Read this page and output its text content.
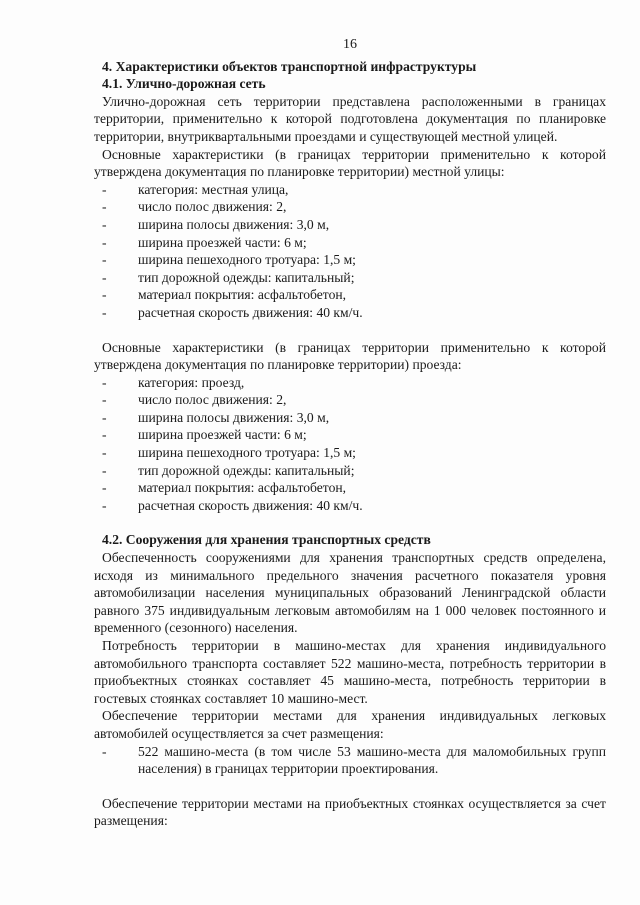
16
4. Характеристики объектов транспортной инфраструктуры
4.1. Улично-дорожная сеть

Улично-дорожная сеть территории представлена расположенными в границах территории, применительно к которой подготовлена документация по планировке территории, внутриквартальными проездами и существующей местной улицей.

Основные характеристики (в границах территории применительно к которой утверждена документация по планировке территории) местной улицы:

- категория: местная улица,
- число полос движения: 2,
- ширина полосы движения: 3,0 м,
- ширина проезжей части: 6 м;
- ширина пешеходного тротуара: 1,5 м;
- тип дорожной одежды: капитальный;
- материал покрытия: асфальтобетон,
- расчетная скорость движения: 40 км/ч.

Основные характеристики (в границах территории применительно к которой утверждена документация по планировке территории) проезда:

- категория: проезд,
- число полос движения: 2,
- ширина полосы движения: 3,0 м,
- ширина проезжей части: 6 м;
- ширина пешеходного тротуара: 1,5 м;
- тип дорожной одежды: капитальный;
- материал покрытия: асфальтобетон,
- расчетная скорость движения: 40 км/ч.
4.2. Сооружения для хранения транспортных средств

Обеспеченность сооружениями для хранения транспортных средств определена, исходя из минимального предельного значения расчетного показателя уровня автомобилизации населения муниципальных образований Ленинградской области равного 375 индивидуальным легковым автомобилям на 1 000 человек постоянного и временного (сезонного) населения.

Потребность территории в машино-местах для хранения индивидуального автомобильного транспорта составляет 522 машино-места, потребность территории в приобъектных стоянках составляет 45 машино-места, потребность территории в гостевых стоянках составляет 10 машино-мест.

Обеспечение территории местами для хранения индивидуальных легковых автомобилей осуществляется за счет размещения:

- 522 машино-места (в том числе 53 машино-места для маломобильных групп населения) в границах территории проектирования.

Обеспечение территории местами на приобъектных стоянках осуществляется за счет размещения:
